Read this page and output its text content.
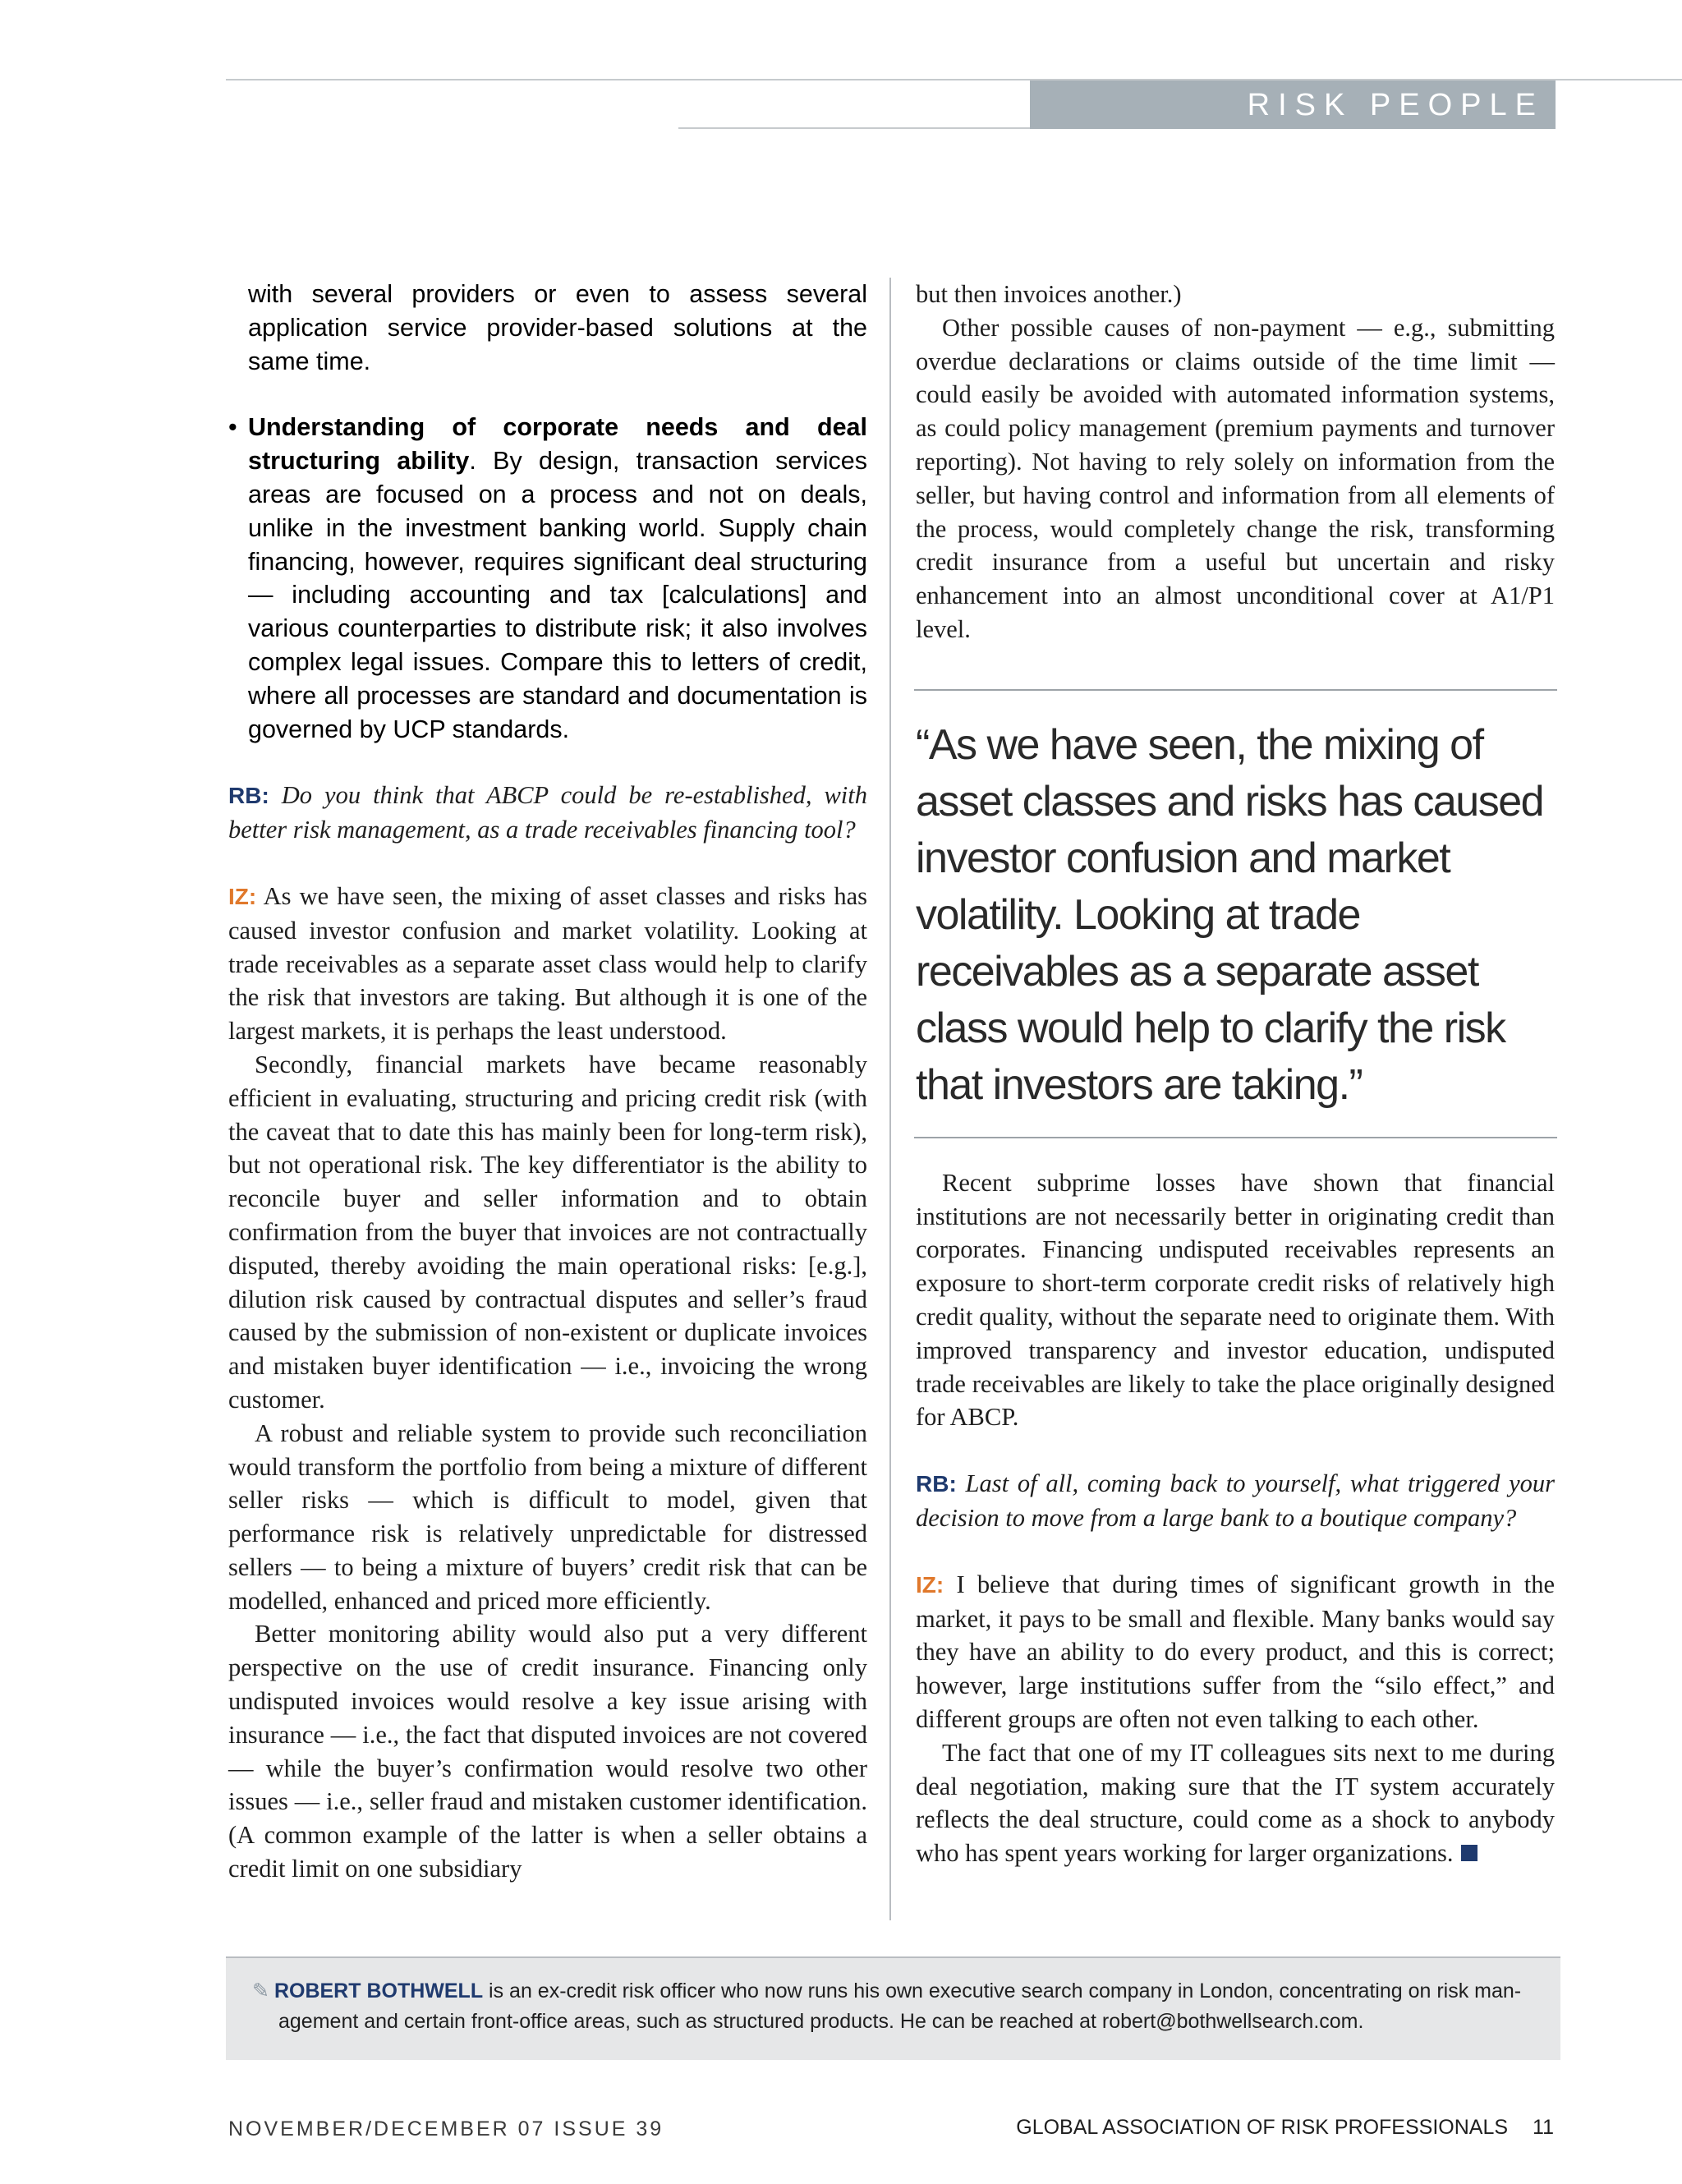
RISK PEOPLE

with several providers or even to assess several application service provider-based solutions at the same time.

• Understanding of corporate needs and deal structuring ability. By design, transaction services areas are focused on a process and not on deals, unlike in the investment banking world. Supply chain financing, however, requires significant deal structuring — including accounting and tax [calculations] and various counterparties to distribute risk; it also involves complex legal issues. Compare this to letters of credit, where all processes are standard and documentation is governed by UCP standards.

RB: Do you think that ABCP could be re-established, with better risk management, as a trade receivables financing tool?

IZ: As we have seen, the mixing of asset classes and risks has caused investor confusion and market volatility. Looking at trade receivables as a separate asset class would help to clarify the risk that investors are taking. But although it is one of the largest markets, it is perhaps the least understood.

Secondly, financial markets have became reasonably efficient in evaluating, structuring and pricing credit risk (with the caveat that to date this has mainly been for long-term risk), but not operational risk. The key differentiator is the ability to reconcile buyer and seller information and to obtain confirmation from the buyer that invoices are not contractually disputed, thereby avoiding the main operational risks: [e.g.], dilution risk caused by contractual disputes and seller’s fraud caused by the submission of non-existent or duplicate invoices and mistaken buyer identification — i.e., invoicing the wrong customer.

A robust and reliable system to provide such reconciliation would transform the portfolio from being a mixture of different seller risks — which is difficult to model, given that performance risk is relatively unpredictable for distressed sellers — to being a mixture of buyers’ credit risk that can be modelled, enhanced and priced more efficiently.

Better monitoring ability would also put a very different perspective on the use of credit insurance. Financing only undisputed invoices would resolve a key issue arising with insurance — i.e., the fact that disputed invoices are not covered — while the buyer’s confirmation would resolve two other issues — i.e., seller fraud and mistaken customer identification. (A common example of the latter is when a seller obtains a credit limit on one subsidiary

but then invoices another.)

Other possible causes of non-payment — e.g., submitting overdue declarations or claims outside of the time limit — could easily be avoided with automated information systems, as could policy management (premium payments and turnover reporting). Not having to rely solely on information from the seller, but having control and information from all elements of the process, would completely change the risk, transforming credit insurance from a useful but uncertain and risky enhancement into an almost unconditional cover at A1/P1 level.

“As we have seen, the mixing of asset classes and risks has caused investor confusion and market volatility. Looking at trade receivables as a separate asset class would help to clarify the risk that investors are taking.”

Recent subprime losses have shown that financial institutions are not necessarily better in originating credit than corporates. Financing undisputed receivables represents an exposure to short-term corporate credit risks of relatively high credit quality, without the separate need to originate them. With improved transparency and investor education, undisputed trade receivables are likely to take the place originally designed for ABCP.

RB: Last of all, coming back to yourself, what triggered your decision to move from a large bank to a boutique company?

IZ: I believe that during times of significant growth in the market, it pays to be small and flexible. Many banks would say they have an ability to do every product, and this is correct; however, large institutions suffer from the “silo effect,” and different groups are often not even talking to each other.

The fact that one of my IT colleagues sits next to me during deal negotiation, making sure that the IT system accurately reflects the deal structure, could come as a shock to anybody who has spent years working for larger organizations.

✎ ROBERT BOTHWELL is an ex-credit risk officer who now runs his own executive search company in London, concentrating on risk man-
agement and certain front-office areas, such as structured products. He can be reached at robert@bothwellsearch.com.
NOVEMBER/DECEMBER 07 ISSUE 39	GLOBAL ASSOCIATION OF RISK PROFESSIONALS 11
